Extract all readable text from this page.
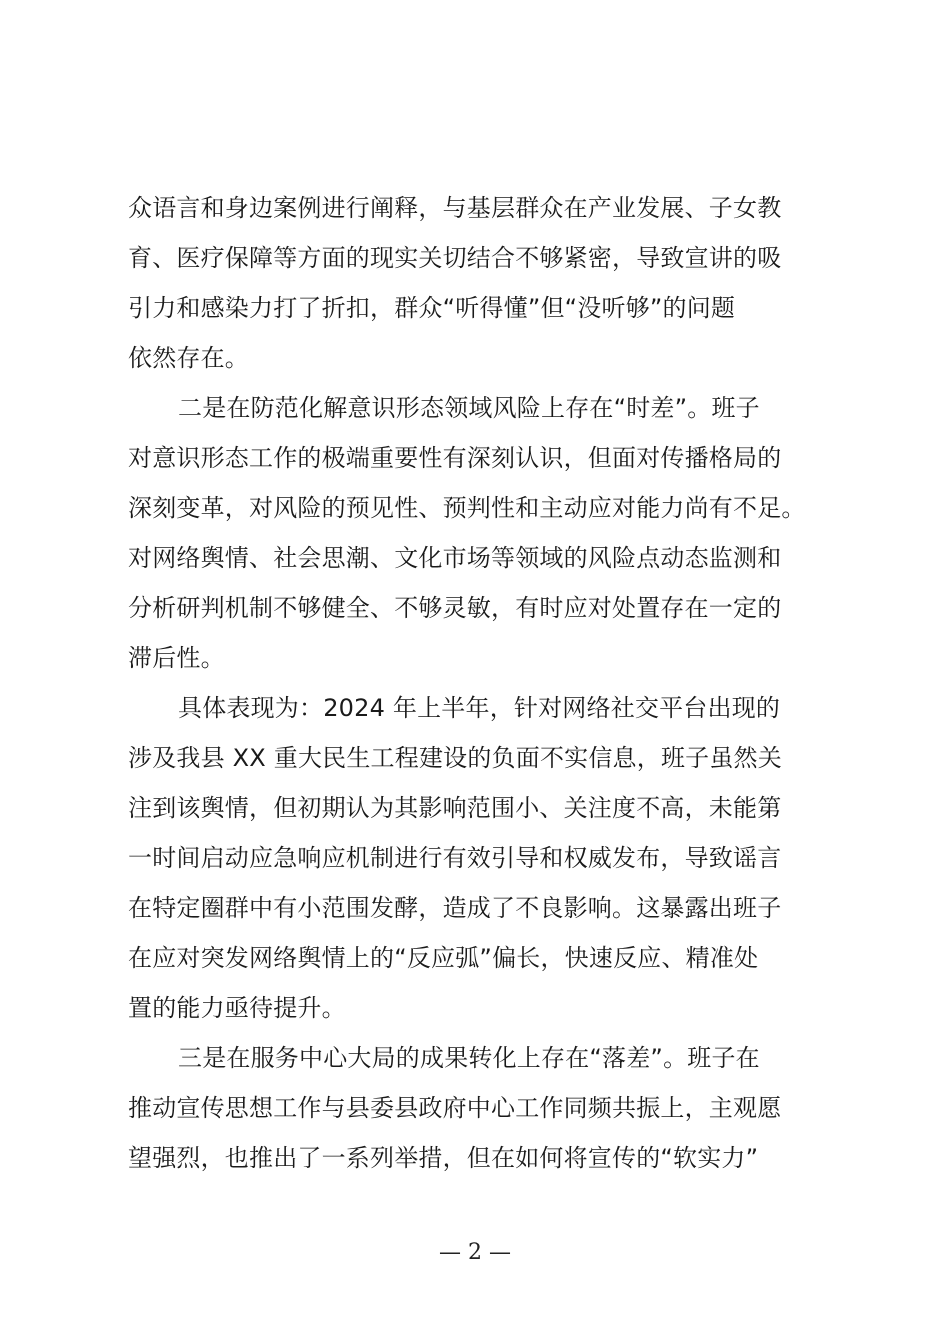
众语言和身边案例进行阐释，与基层群众在产业发展、子女教
育、医疗保障等方面的现实关切结合不够紧密，导致宣讲的吸
引力和感染力打了折扣，群众“听得懂”但“没听够”的问题
依然存在。
二是在防范化解意识形态领域风险上存在“时差”。班子
对意识形态工作的极端重要性有深刻认识，但面对传播格局的
深刻变革，对风险的预见性、预判性和主动应对能力尚有不足。
对网络舆情、社会思潮、文化市场等领域的风险点动态监测和
分析研判机制不够健全、不够灵敏，有时应对处置存在一定的
滞后性。
具体表现为：2024 年上半年，针对网络社交平台出现的
涉及我县 XX 重大民生工程建设的负面不实信息，班子虽然关
注到该舆情，但初期认为其影响范围小、关注度不高，未能第
一时间启动应急响应机制进行有效引导和权威发布，导致谣言
在特定圈群中有小范围发酵，造成了不良影响。这暴露出班子
在应对突发网络舆情上的“反应弧”偏长，快速反应、精准处
置的能力亟待提升。
三是在服务中心大局的成果转化上存在“落差”。班子在
推动宣传思想工作与县委县政府中心工作同频共振上，主观愿
望强烈，也推出了一系列举措，但在如何将宣传的“软实力”
— 2 —
